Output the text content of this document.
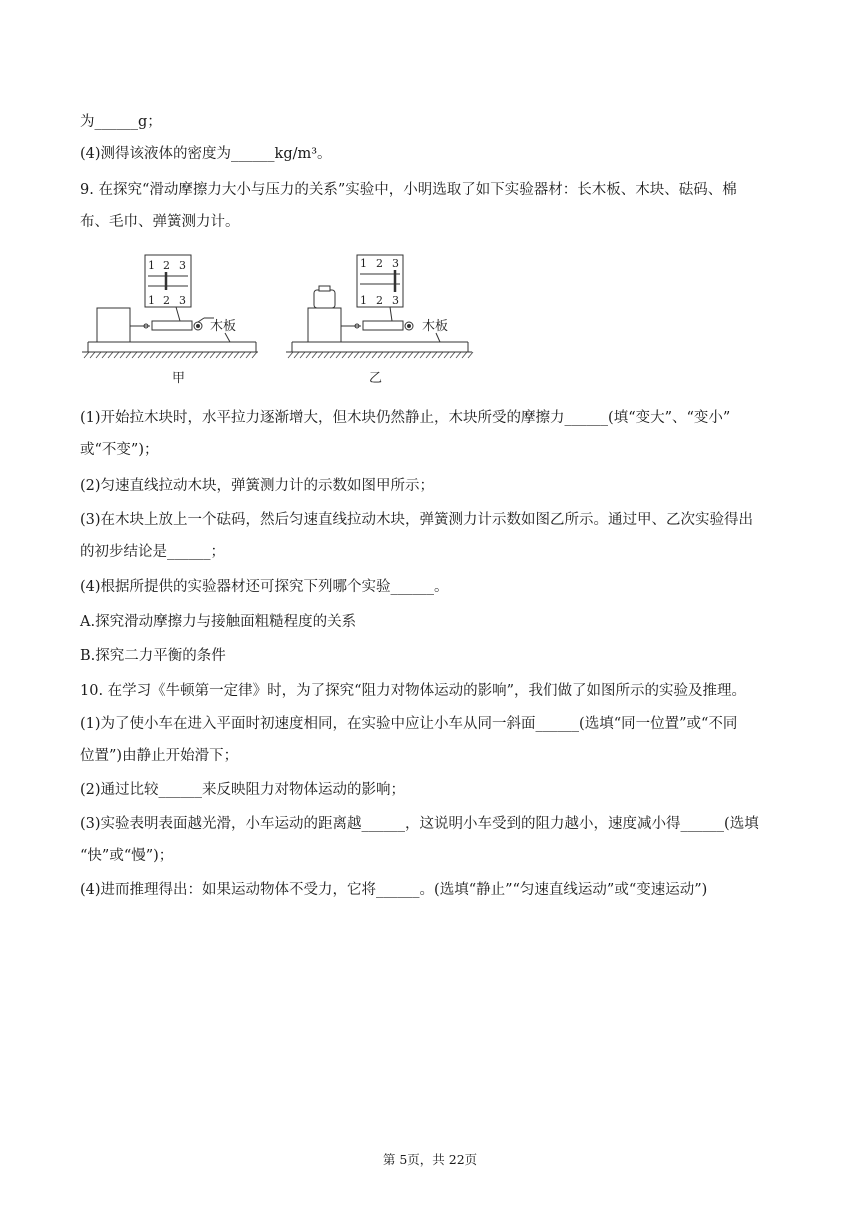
为______g；
(4)测得该液体的密度为______kg/m³。
9. 在探究“滑动摩擦力大小与压力的关系”实验中，小明选取了如下实验器材：长木板、木块、砝码、棉
布、毛巾、弹簧测力计。
木板	木板
1 2 3
1 2 3
1 2 3
1 2 3
甲	乙
(1)开始拉木块时，水平拉力逐渐增大，但木块仍然静止，木块所受的摩擦力______(填“变大”、“变小”
或“不变”)；
(2)匀速直线拉动木块，弹簧测力计的示数如图甲所示；
(3)在木块上放上一个砝码，然后匀速直线拉动木块，弹簧测力计示数如图乙所示。通过甲、乙次实验得出
的初步结论是______；
(4)根据所提供的实验器材还可探究下列哪个实验______。
A.探究滑动摩擦力与接触面粗糙程度的关系
B.探究二力平衡的条件
10. 在学习《牛顿第一定律》时，为了探究“阻力对物体运动的影响”，我们做了如图所示的实验及推理。
(1)为了使小车在进入平面时初速度相同，在实验中应让小车从同一斜面______(选填“同一位置”或“不同
位置”)由静止开始滑下；
(2)通过比较______来反映阻力对物体运动的影响；
(3)实验表明表面越光滑，小车运动的距离越______，这说明小车受到的阻力越小，速度减小得______(选填
“快”或“慢”)；
(4)进而推理得出：如果运动物体不受力，它将______。(选填“静止”“匀速直线运动”或“变速运动”)
第 5页，共 22页
